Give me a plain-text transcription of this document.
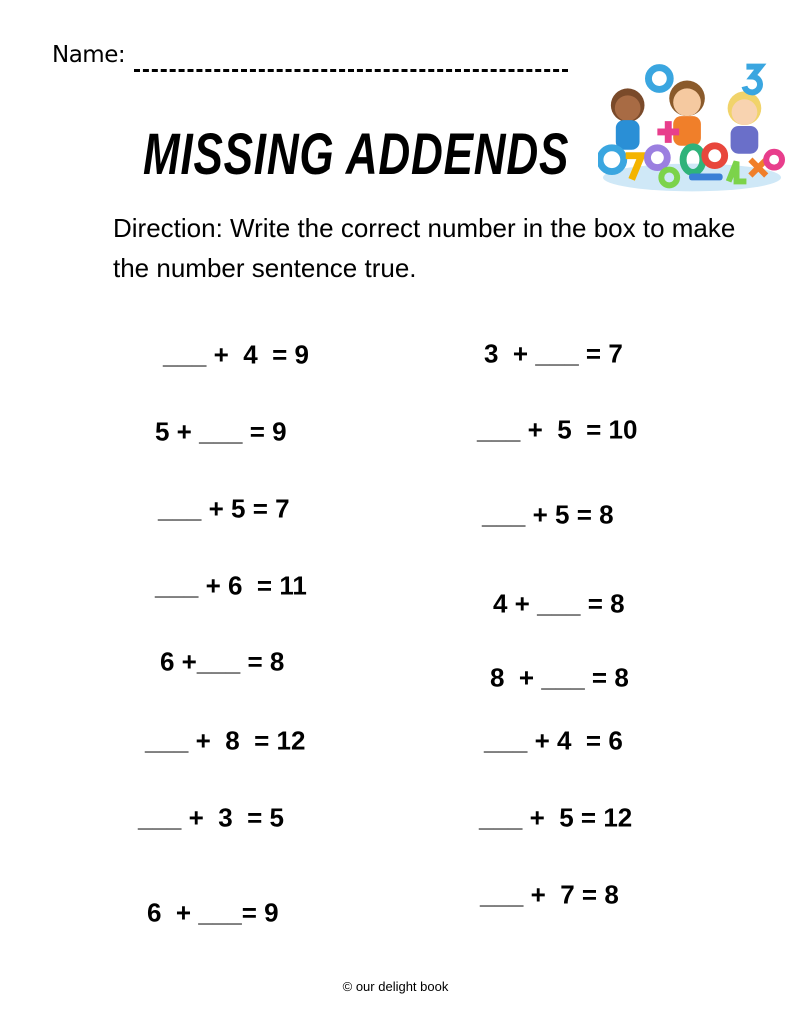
Name:
MISSING ADDENDS
Direction: Write the correct number in the box to make the number sentence true.
___ +  4  = 9
5 + ___ = 9
___ + 5 = 7
___ + 6  = 11
6 +___ = 8
___ +  8  = 12
___ +  3  = 5
6  + ___= 9
3  + ___ = 7
___ +  5  = 10
___ + 5 = 8
4 + ___ = 8
8  + ___ = 8
___ + 4  = 6
___ +  5 = 12
___ +  7 = 8
© our delight book
